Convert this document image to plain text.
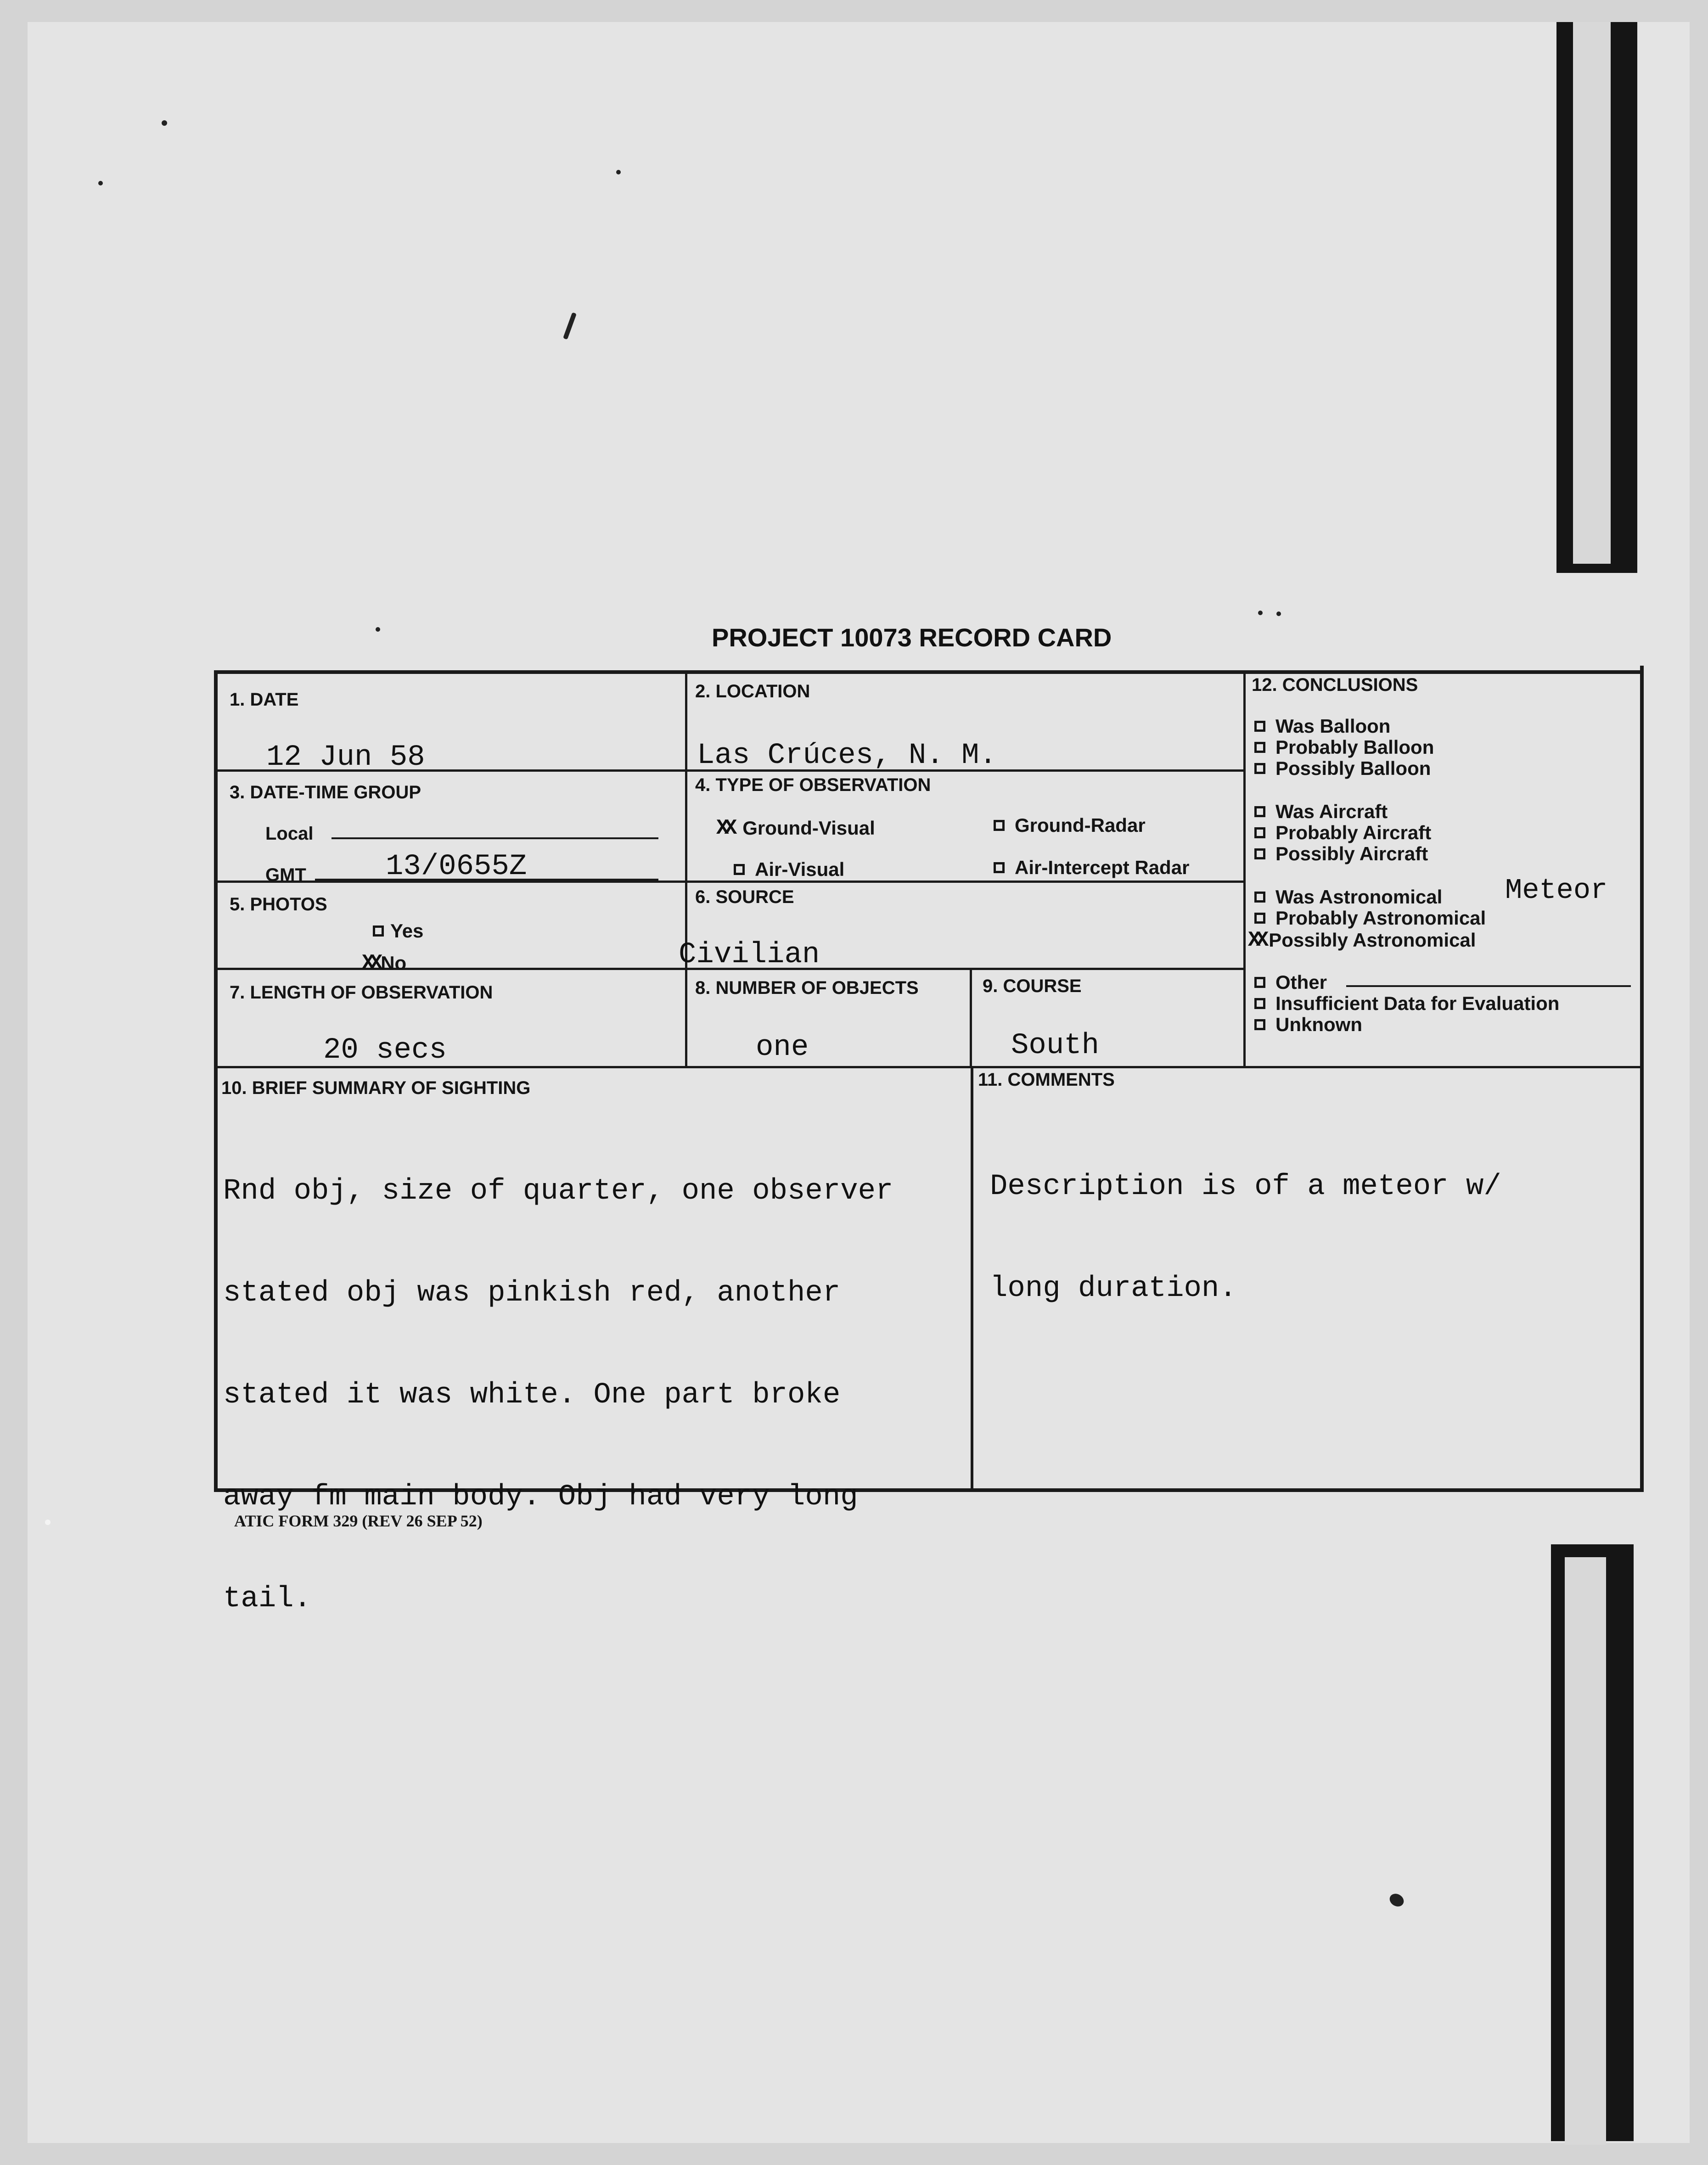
PROJECT 10073 RECORD CARD
1. DATE
12 Jun 58
2. LOCATION
Las Crúces, N. M.
3. DATE-TIME GROUP
Local
GMT	13/0655Z
4. TYPE OF OBSERVATION
XX Ground-Visual	Ground-Radar
Air-Visual	Air-Intercept Radar
5. PHOTOS
Yes
XX No
6. SOURCE
Civilian
7. LENGTH OF OBSERVATION
20 secs
8. NUMBER OF OBJECTS
one
9. COURSE
South
10. BRIEF SUMMARY OF SIGHTING

Rnd obj, size of quarter, one observer

stated obj was pinkish red, another

stated it was white. One part broke

away fm main body. Obj had very long

tail.

11. COMMENTS

Description is of a meteor w/

long duration.

12. CONCLUSIONS
Was Balloon
Probably Balloon
Possibly Balloon
Was Aircraft
Probably Aircraft
Possibly Aircraft
Was Astronomical Meteor
Probably Astronomical
XX Possibly Astronomical
Other
Insufficient Data for Evaluation
Unknown
ATIC FORM 329 (REV 26 SEP 52)
